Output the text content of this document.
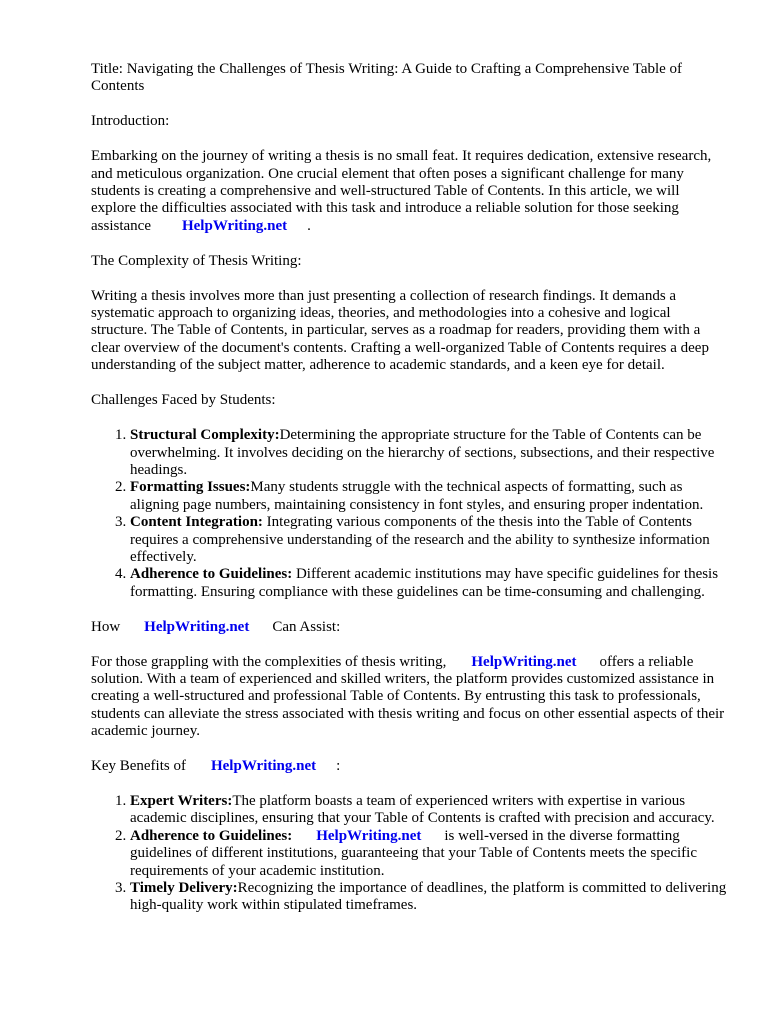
Title: Navigating the Challenges of Thesis Writing: A Guide to Crafting a Comprehensive Table of Contents

Introduction:

Embarking on the journey of writing a thesis is no small feat. It requires dedication, extensive research, and meticulous organization. One crucial element that often poses a significant challenge for many students is creating a comprehensive and well-structured Table of Contents. In this article, we will explore the difficulties associated with this task and introduce a reliable solution for those seeking assistance HelpWriting.net .

The Complexity of Thesis Writing:

Writing a thesis involves more than just presenting a collection of research findings. It demands a systematic approach to organizing ideas, theories, and methodologies into a cohesive and logical structure. The Table of Contents, in particular, serves as a roadmap for readers, providing them with a clear overview of the document's contents. Crafting a well-organized Table of Contents requires a deep understanding of the subject matter, adherence to academic standards, and a keen eye for detail.

Challenges Faced by Students:

1. Structural Complexity:Determining the appropriate structure for the Table of Contents can be overwhelming. It involves deciding on the hierarchy of sections, subsections, and their respective headings.
2. Formatting Issues:Many students struggle with the technical aspects of formatting, such as aligning page numbers, maintaining consistency in font styles, and ensuring proper indentation.
3. Content Integration: Integrating various components of the thesis into the Table of Contents requires a comprehensive understanding of the research and the ability to synthesize information effectively.
4. Adherence to Guidelines: Different academic institutions may have specific guidelines for thesis formatting. Ensuring compliance with these guidelines can be time-consuming and challenging.

How HelpWriting.net Can Assist:

For those grappling with the complexities of thesis writing, HelpWriting.net offers a reliable solution. With a team of experienced and skilled writers, the platform provides customized assistance in creating a well-structured and professional Table of Contents. By entrusting this task to professionals, students can alleviate the stress associated with thesis writing and focus on other essential aspects of their academic journey.

Key Benefits of HelpWriting.net :

1. Expert Writers:The platform boasts a team of experienced writers with expertise in various academic disciplines, ensuring that your Table of Contents is crafted with precision and accuracy.
2. Adherence to Guidelines: HelpWriting.net is well-versed in the diverse formatting guidelines of different institutions, guaranteeing that your Table of Contents meets the specific requirements of your academic institution.
3. Timely Delivery:Recognizing the importance of deadlines, the platform is committed to delivering high-quality work within stipulated timeframes.
